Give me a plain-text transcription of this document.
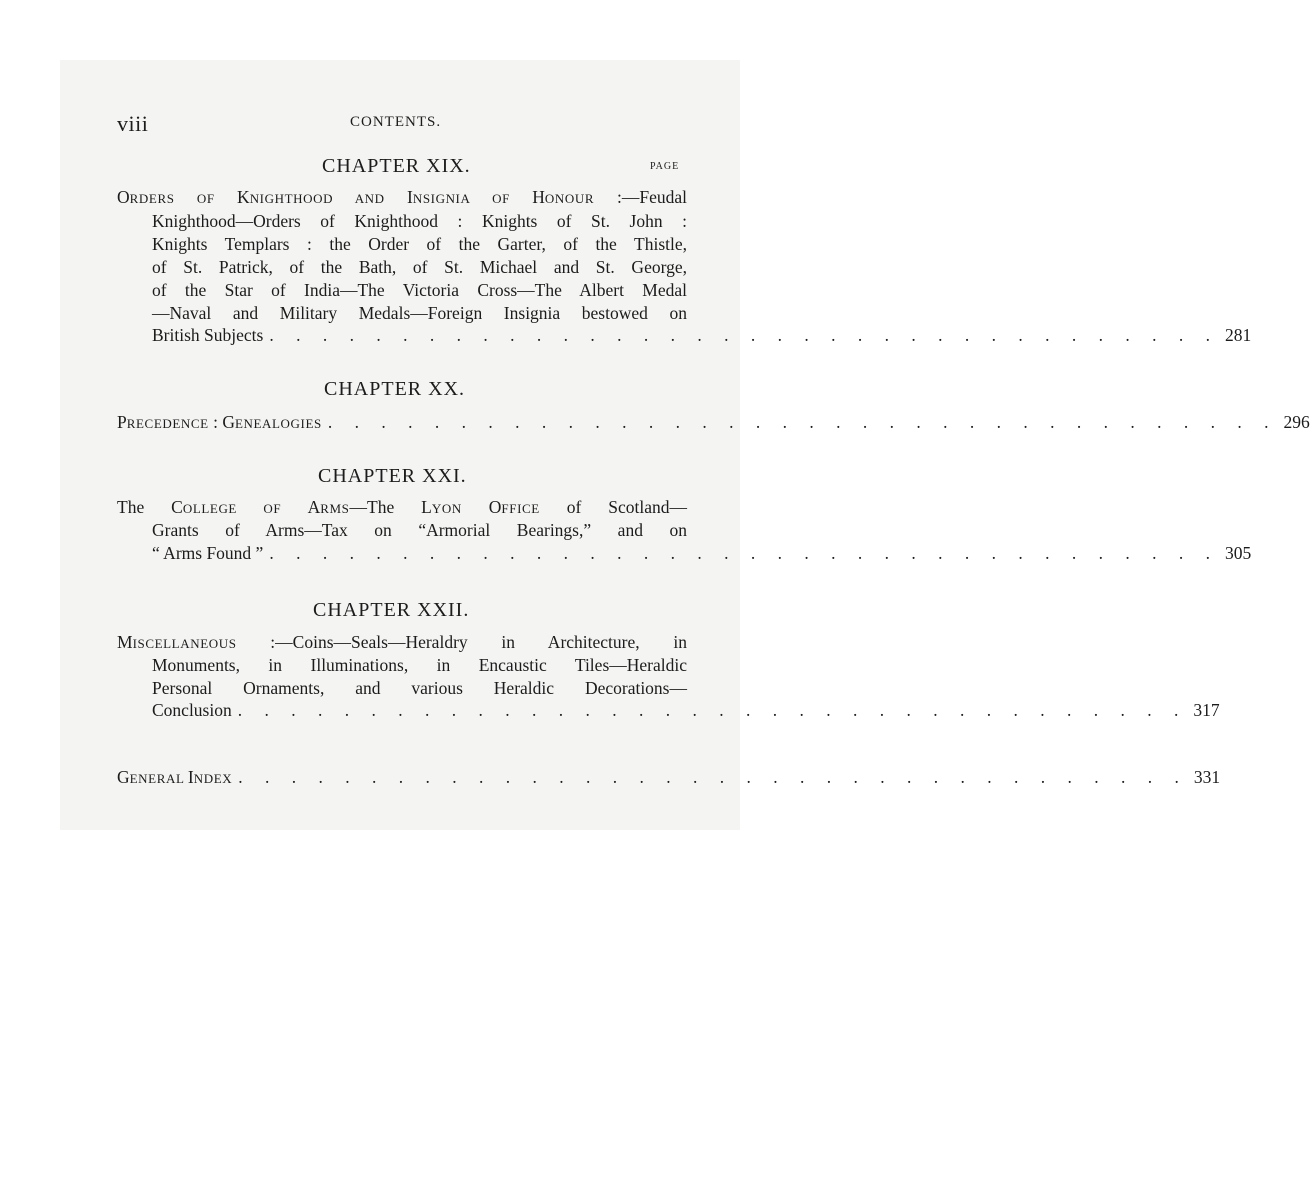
viii	CONTENTS.
CHAPTER XIX.	PAGE
ORDERS OF KNIGHTHOOD AND INSIGNIA OF HONOUR :—Feudal
Knighthood—Orders of Knighthood : Knights of St. John :
Knights Templars : the Order of the Garter, of the Thistle,
of St. Patrick, of the Bath, of St. Michael and St. George,
of the Star of India—The Victoria Cross—The Albert Medal
—Naval and Military Medals—Foreign Insignia bestowed on
British Subjects . . . . . . . . . . . . . . . . . . . . . . . . . . . . . . . . . . . . 281
CHAPTER XX.
PRECEDENCE : GENEALOGIES . . . . . . . . . . . . . . . . . . . . . . . . . . . . . . . . . . . . 296
CHAPTER XXI.
The COLLEGE OF ARMS—The LYON OFFICE of Scotland—
Grants of Arms—Tax on “Armorial Bearings,” and on
“ Arms Found ” . . . . . . . . . . . . . . . . . . . . . . . . . . . . . . . . . . . . 305
CHAPTER XXII.
MISCELLANEOUS :—Coins—Seals—Heraldry in Architecture, in
Monuments, in Illuminations, in Encaustic Tiles—Heraldic
Personal Ornaments, and various Heraldic Decorations—
Conclusion . . . . . . . . . . . . . . . . . . . . . . . . . . . . . . . . . . . . 317
GENERAL INDEX . . . . . . . . . . . . . . . . . . . . . . . . . . . . . . . . . . . . 331
